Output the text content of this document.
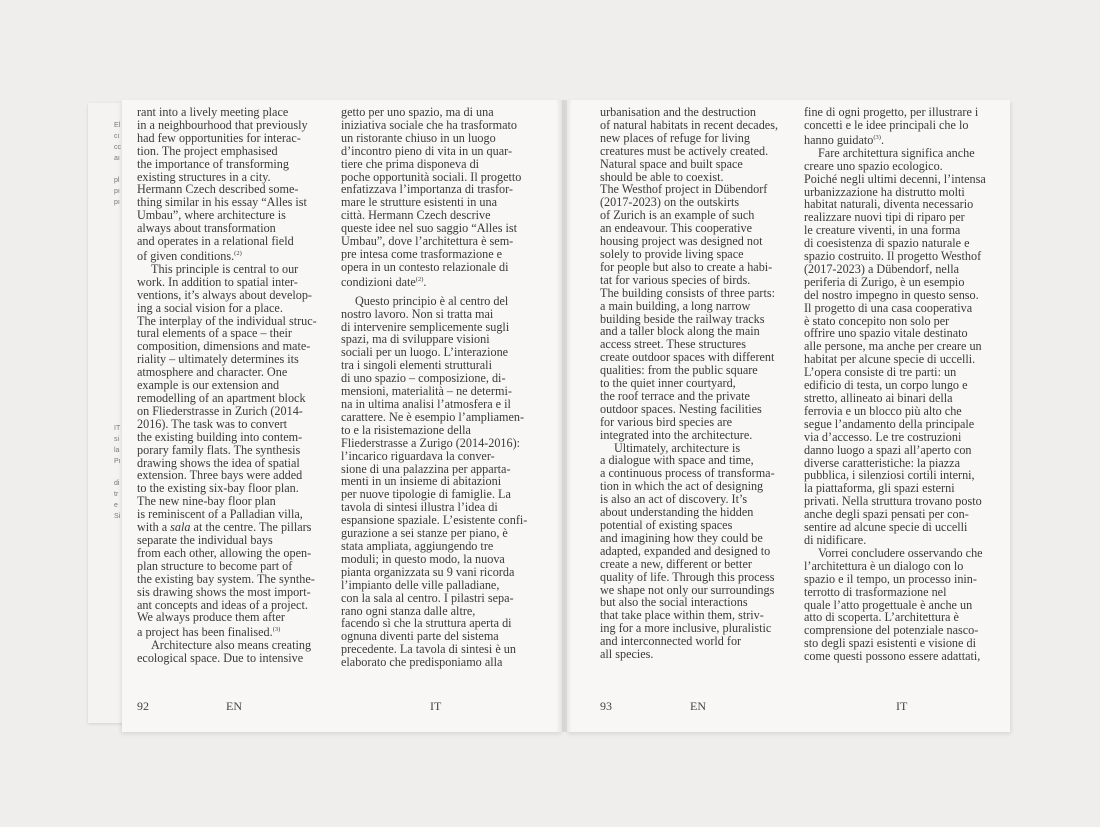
El
cı
cc
aı

pl
pı
pı
IT
si
la
Pı

di
tr
e
Si
rant into a lively meeting place
in a neighbourhood that previously
had few opportunities for interac-
tion. The project emphasised
the importance of transforming
existing structures in a city.
Hermann Czech described some-
thing similar in his essay “Alles ist
Umbau”, where architecture is
always about transformation
and operates in a relational field
of given conditions.$^{(2)}$
This principle is central to our
work. In addition to spatial inter-
ventions, it’s always about develop-
ing a social vision for a place.
The interplay of the individual struc-
tural elements of a space – their
composition, dimensions and mate-
riality – ultimately determines its
atmosphere and character. One
example is our extension and
remodelling of an apartment block
on Fliederstrasse in Zurich (2014-
2016). The task was to convert
the existing building into contem-
porary family flats. The synthesis
drawing shows the idea of spatial
extension. Three bays were added
to the existing six-bay floor plan.
The new nine-bay floor plan
is reminiscent of a Palladian villa,
with a sala at the centre. The pillars
separate the individual bays
from each other, allowing the open-
plan structure to become part of
the existing bay system. The synthe-
sis drawing shows the most import-
ant concepts and ideas of a project.
We always produce them after
a project has been finalised.$^{(3)}$
Architecture also means creating
ecological space. Due to intensive
getto per uno spazio, ma di una
iniziativa sociale che ha trasformato
un ristorante chiuso in un luogo
d’incontro pieno di vita in un quar-
tiere che prima disponeva di
poche opportunità sociali. Il progetto
enfatizzava l’importanza di trasfor-
mare le strutture esistenti in una
città. Hermann Czech descrive
queste idee nel suo saggio “Alles ist
Umbau”, dove l’architettura è sem-
pre intesa come trasformazione e
opera in un contesto relazionale di
condizioni date$^{(2)}$.
Questo principio è al centro del
nostro lavoro. Non si tratta mai
di intervenire semplicemente sugli
spazi, ma di sviluppare visioni
sociali per un luogo. L’interazione
tra i singoli elementi strutturali
di uno spazio – composizione, di-
mensioni, materialità – ne determi-
na in ultima analisi l’atmosfera e il
carattere. Ne è esempio l’ampliamen-
to e la risistemazione della
Fliederstrasse a Zurigo (2014-2016):
l’incarico riguardava la conver-
sione di una palazzina per apparta-
menti in un insieme di abitazioni
per nuove tipologie di famiglie. La
tavola di sintesi illustra l’idea di
espansione spaziale. L’esistente confi-
gurazione a sei stanze per piano, è
stata ampliata, aggiungendo tre
moduli; in questo modo, la nuova
pianta organizzata su 9 vani ricorda
l’impianto delle ville palladiane,
con la sala al centro. I pilastri sepa-
rano ogni stanza dalle altre,
facendo sì che la struttura aperta di
ognuna diventi parte del sistema
precedente. La tavola di sintesi è un
elaborato che predisponiamo alla
urbanisation and the destruction
of natural habitats in recent decades,
new places of refuge for living
creatures must be actively created.
Natural space and built space
should be able to coexist.
The Westhof project in Dübendorf
(2017-2023) on the outskirts
of Zurich is an example of such
an endeavour. This cooperative
housing project was designed not
solely to provide living space
for people but also to create a habi-
tat for various species of birds.
The building consists of three parts:
a main building, a long narrow
building beside the railway tracks
and a taller block along the main
access street. These structures
create outdoor spaces with different
qualities: from the public square
to the quiet inner courtyard,
the roof terrace and the private
outdoor spaces. Nesting facilities
for various bird species are
integrated into the architecture.
Ultimately, architecture is
a dialogue with space and time,
a continuous process of transforma-
tion in which the act of designing
is also an act of discovery. It’s
about understanding the hidden
potential of existing spaces
and imagining how they could be
adapted, expanded and designed to
create a new, different or better
quality of life. Through this process
we shape not only our surroundings
but also the social interactions
that take place within them, striv-
ing for a more inclusive, pluralistic
and interconnected world for
all species.
fine di ogni progetto, per illustrare i
concetti e le idee principali che lo
hanno guidato$^{(3)}$.
Fare architettura significa anche
creare uno spazio ecologico.
Poiché negli ultimi decenni, l’intensa
urbanizzazione ha distrutto molti
habitat naturali, diventa necessario
realizzare nuovi tipi di riparo per
le creature viventi, in una forma
di coesistenza di spazio naturale e
spazio costruito. Il progetto Westhof
(2017-2023) a Dübendorf, nella
periferia di Zurigo, è un esempio
del nostro impegno in questo senso.
Il progetto di una casa cooperativa
è stato concepito non solo per
offrire uno spazio vitale destinato
alle persone, ma anche per creare un
habitat per alcune specie di uccelli.
L’opera consiste di tre parti: un
edificio di testa, un corpo lungo e
stretto, allineato ai binari della
ferrovia e un blocco più alto che
segue l’andamento della principale
via d’accesso. Le tre costruzioni
danno luogo a spazi all’aperto con
diverse caratteristiche: la piazza
pubblica, i silenziosi cortili interni,
la piattaforma, gli spazi esterni
privati. Nella struttura trovano posto
anche degli spazi pensati per con-
sentire ad alcune specie di uccelli
di nidificare.
Vorrei concludere osservando che
l’architettura è un dialogo con lo
spazio e il tempo, un processo inin-
terrotto di trasformazione nel
quale l’atto progettuale è anche un
atto di scoperta. L’architettura è
comprensione del potenziale nasco-
sto degli spazi esistenti e visione di
come questi possono essere adattati,
92	EN	IT	93	EN	IT
